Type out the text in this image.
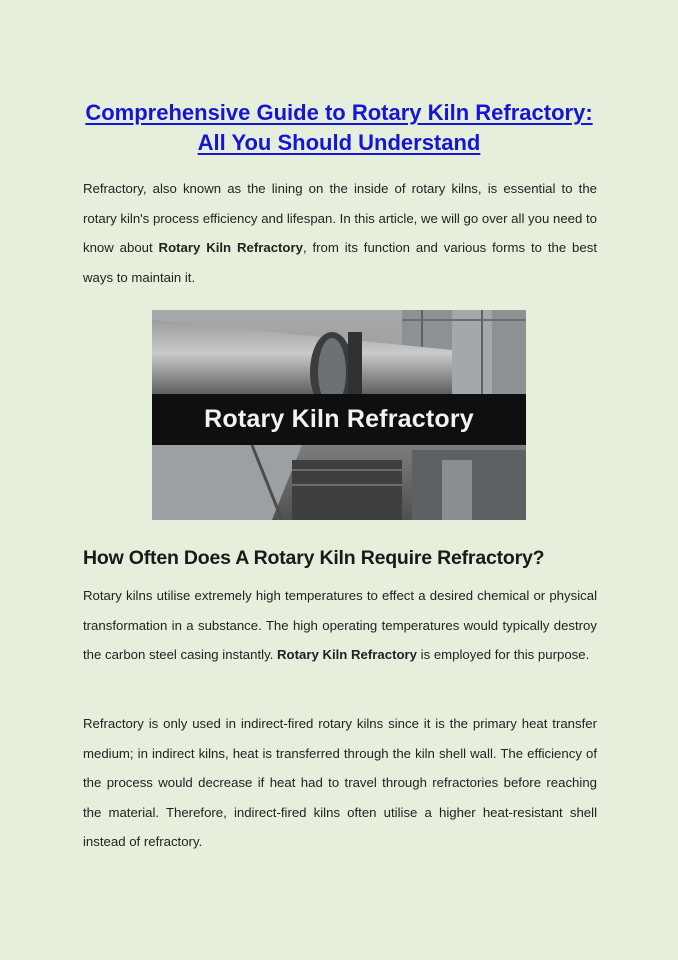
Comprehensive Guide to Rotary Kiln Refractory:
All You Should Understand

Refractory, also known as the lining on the inside of rotary kilns, is essential to the rotary kiln's process efficiency and lifespan. In this article, we will go over all you need to know about Rotary Kiln Refractory, from its function and various forms to the best ways to maintain it.

Rotary Kiln Refractory
How Often Does A Rotary Kiln Require Refractory?

Rotary kilns utilise extremely high temperatures to effect a desired chemical or physical transformation in a substance. The high operating temperatures would typically destroy the carbon steel casing instantly. Rotary Kiln Refractory is employed for this purpose.

Refractory is only used in indirect-fired rotary kilns since it is the primary heat transfer medium; in indirect kilns, heat is transferred through the kiln shell wall. The efficiency of the process would decrease if heat had to travel through refractories before reaching the material. Therefore, indirect-fired kilns often utilise a higher heat-resistant shell instead of refractory.
